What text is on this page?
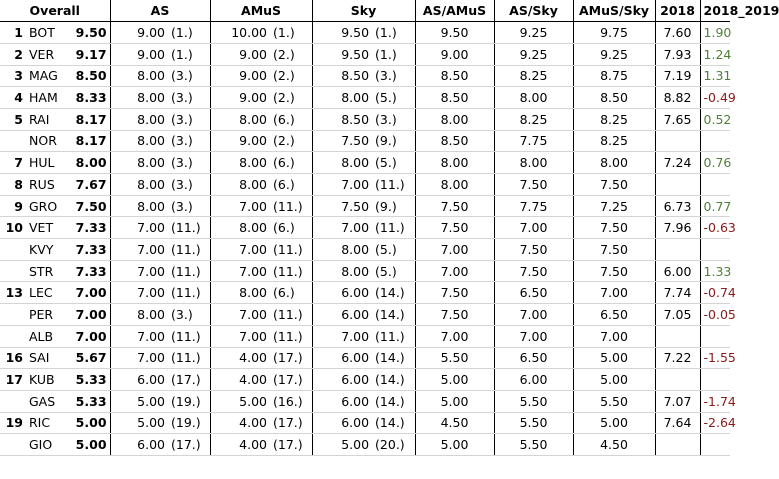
Overall			AS		AMuS		Sky		AS/AMuS	AS/Sky	AMuS/Sky	2018	2018_2019
1	BOT	9.50	9.00	(1.)	10.00	(1.)	9.50	(1.)	9.50	9.25	9.75	7.60	1.90
2	VER	9.17	9.00	(1.)	9.00	(2.)	9.50	(1.)	9.00	9.25	9.25	7.93	1.24
3	MAG	8.50	8.00	(3.)	9.00	(2.)	8.50	(3.)	8.50	8.25	8.75	7.19	1.31
4	HAM	8.33	8.00	(3.)	9.00	(2.)	8.00	(5.)	8.50	8.00	8.50	8.82	-0.49
5	RAI	8.17	8.00	(3.)	8.00	(6.)	8.50	(3.)	8.00	8.25	8.25	7.65	0.52
	NOR	8.17	8.00	(3.)	9.00	(2.)	7.50	(9.)	8.50	7.75	8.25		
7	HUL	8.00	8.00	(3.)	8.00	(6.)	8.00	(5.)	8.00	8.00	8.00	7.24	0.76
8	RUS	7.67	8.00	(3.)	8.00	(6.)	7.00	(11.)	8.00	7.50	7.50		
9	GRO	7.50	8.00	(3.)	7.00	(11.)	7.50	(9.)	7.50	7.75	7.25	6.73	0.77
10	VET	7.33	7.00	(11.)	8.00	(6.)	7.00	(11.)	7.50	7.00	7.50	7.96	-0.63
	KVY	7.33	7.00	(11.)	7.00	(11.)	8.00	(5.)	7.00	7.50	7.50		
	STR	7.33	7.00	(11.)	7.00	(11.)	8.00	(5.)	7.00	7.50	7.50	6.00	1.33
13	LEC	7.00	7.00	(11.)	8.00	(6.)	6.00	(14.)	7.50	6.50	7.00	7.74	-0.74
	PER	7.00	8.00	(3.)	7.00	(11.)	6.00	(14.)	7.50	7.00	6.50	7.05	-0.05
	ALB	7.00	7.00	(11.)	7.00	(11.)	7.00	(11.)	7.00	7.00	7.00		
16	SAI	5.67	7.00	(11.)	4.00	(17.)	6.00	(14.)	5.50	6.50	5.00	7.22	-1.55
17	KUB	5.33	6.00	(17.)	4.00	(17.)	6.00	(14.)	5.00	6.00	5.00		
	GAS	5.33	5.00	(19.)	5.00	(16.)	6.00	(14.)	5.00	5.50	5.50	7.07	-1.74
19	RIC	5.00	5.00	(19.)	4.00	(17.)	6.00	(14.)	4.50	5.50	5.00	7.64	-2.64
	GIO	5.00	6.00	(17.)	4.00	(17.)	5.00	(20.)	5.00	5.50	4.50		
